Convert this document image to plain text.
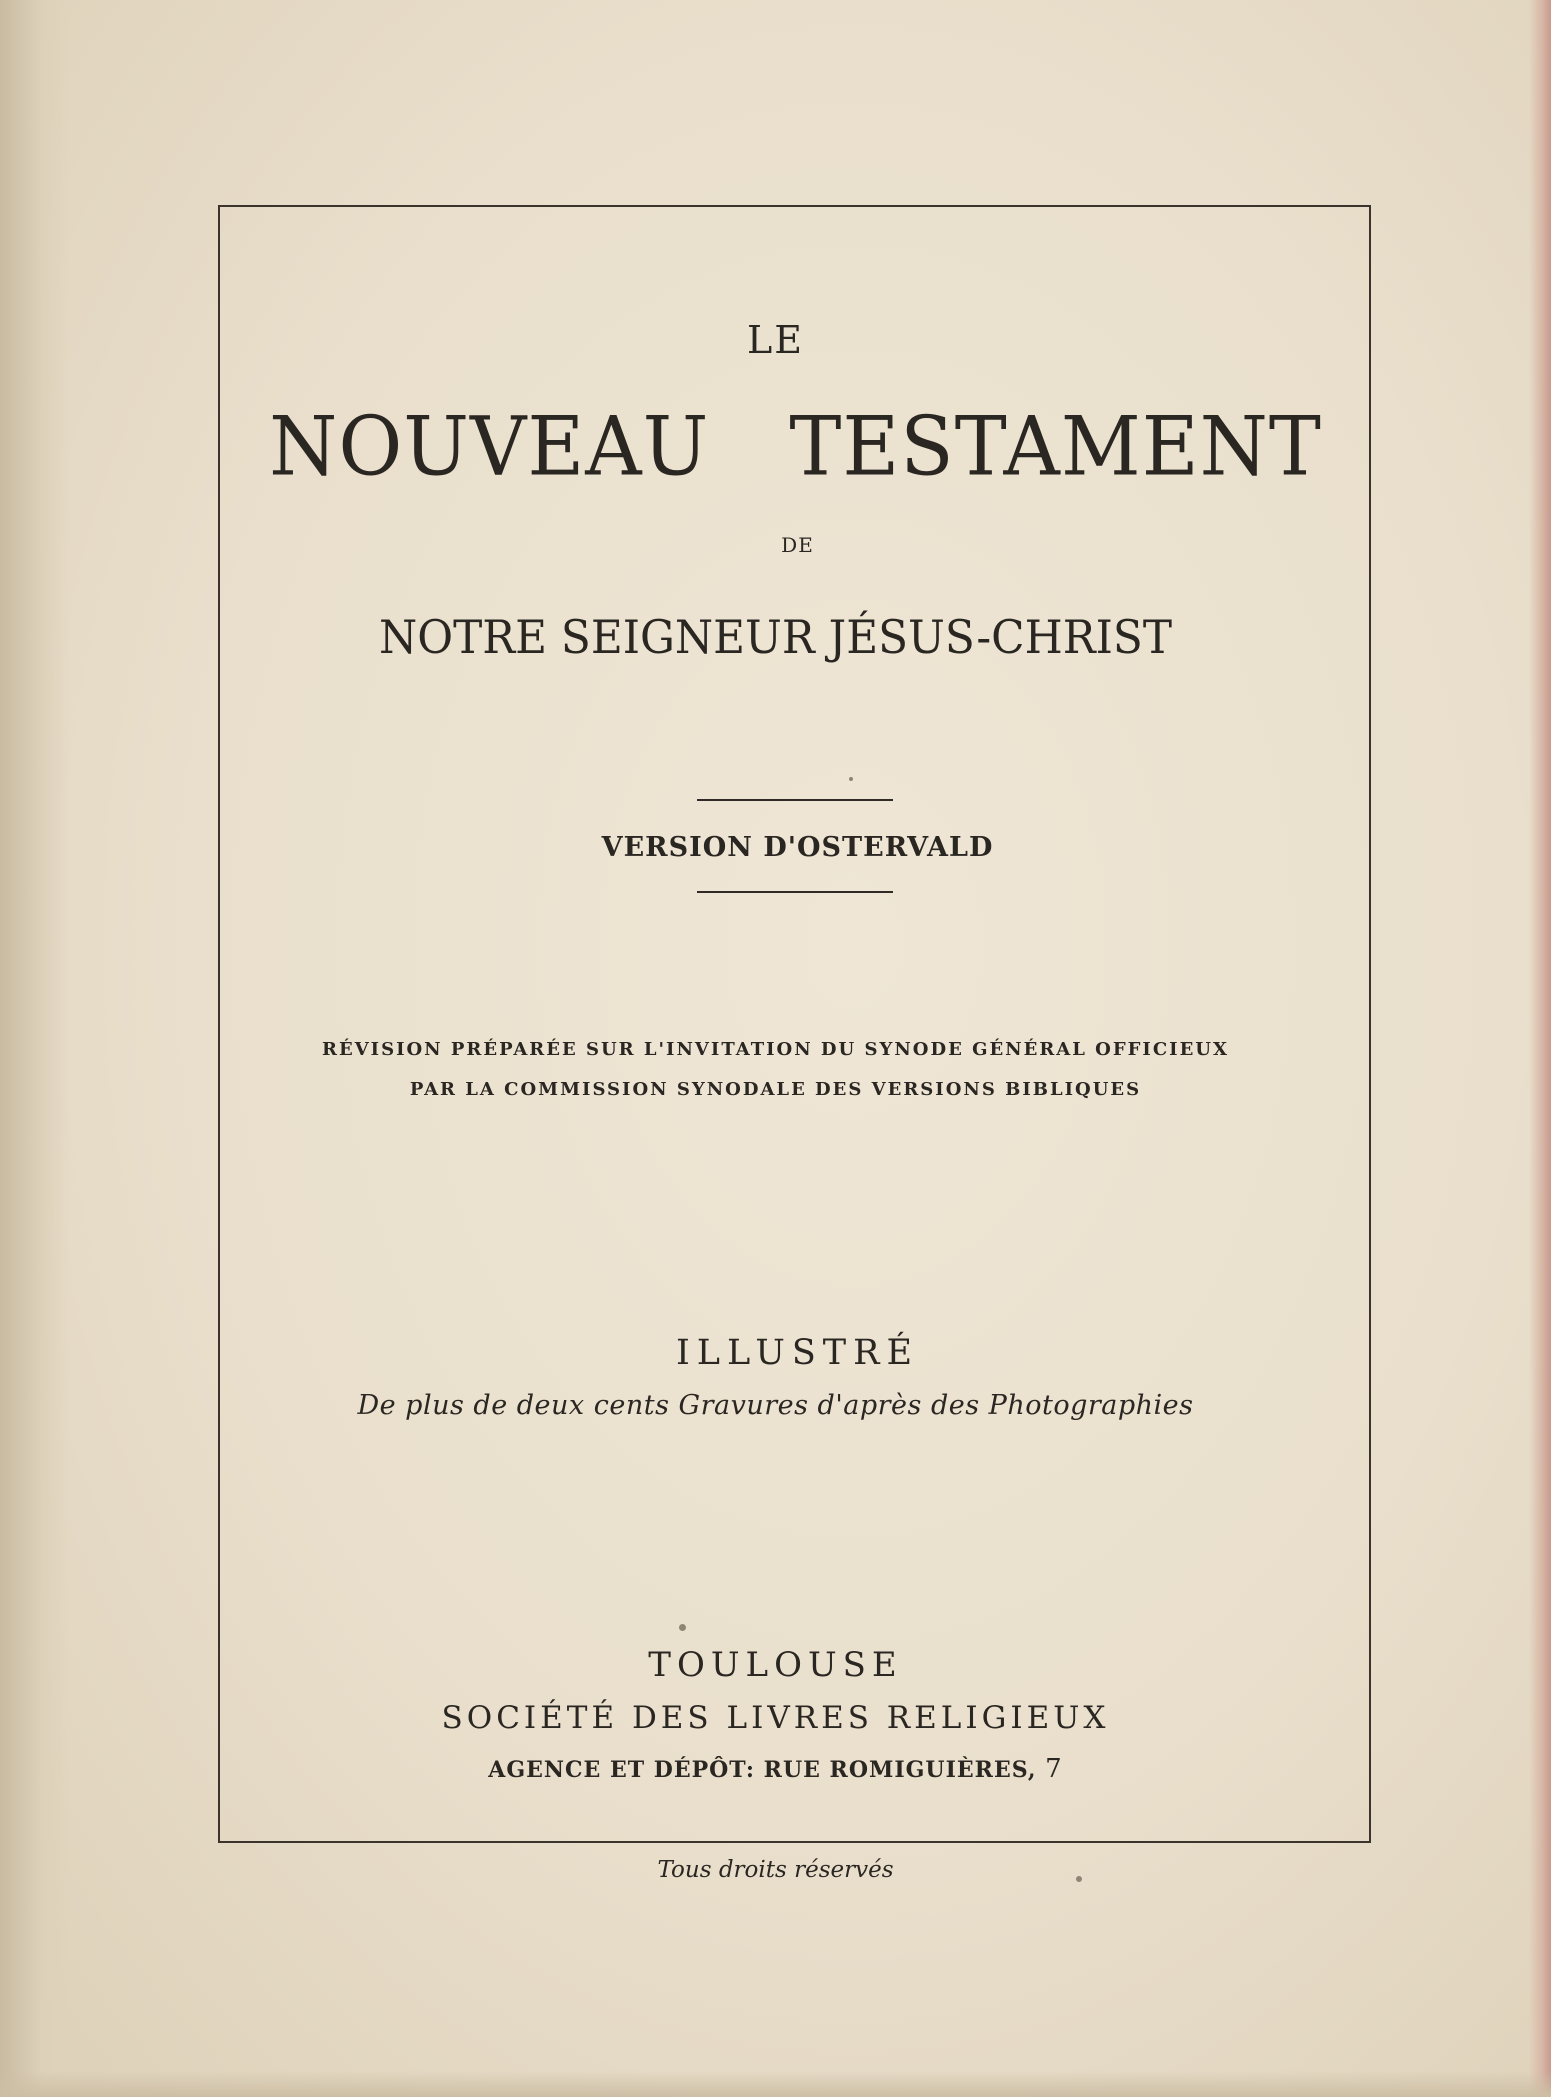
LE

NOUVEAU TESTAMENT

DE

NOTRE SEIGNEUR JÉSUS-CHRIST

VERSION D'OSTERVALD

RÉVISION PRÉPARÉE SUR L'INVITATION DU SYNODE GÉNÉRAL OFFICIEUX

PAR LA COMMISSION SYNODALE DES VERSIONS BIBLIQUES

ILLUSTRÉ

De plus de deux cents Gravures d'après des Photographies

TOULOUSE

SOCIÉTÉ DES LIVRES RELIGIEUX

AGENCE ET DÉPÔT: RUE ROMIGUIÈRES, 7

Tous droits réservés
